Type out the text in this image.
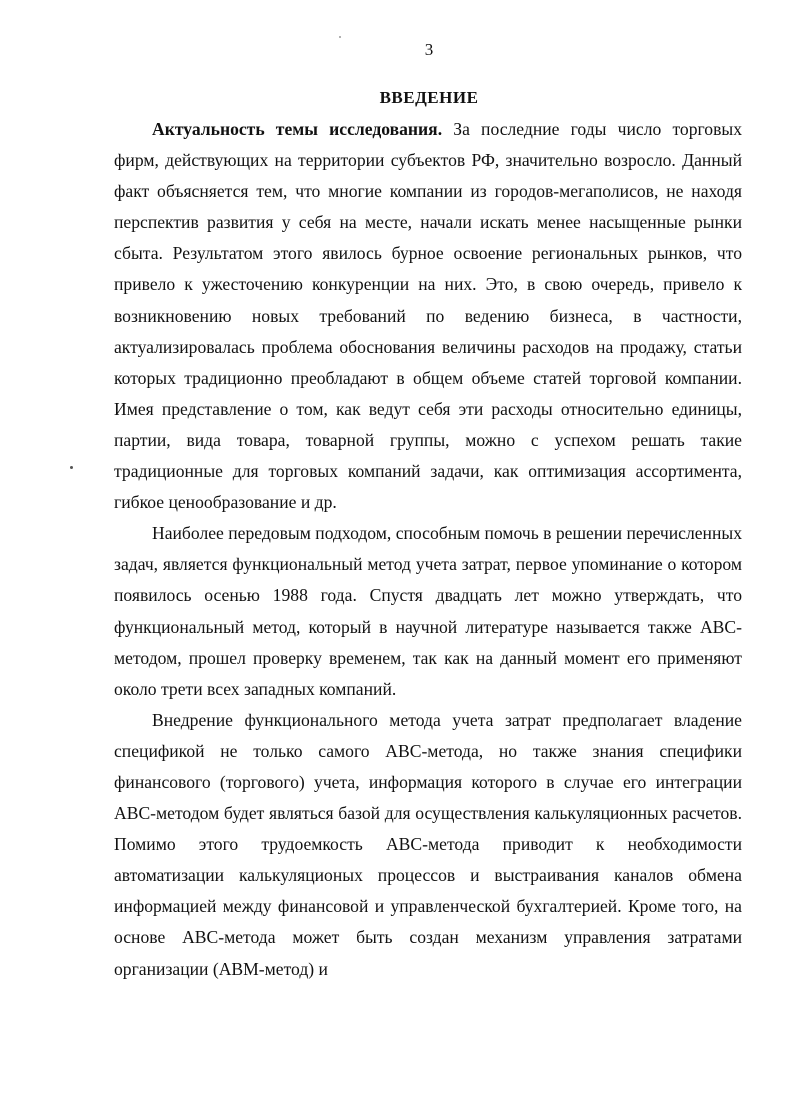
3
ВВЕДЕНИЕ

Актуальность темы исследования. За последние годы число торговых фирм, действующих на территории субъектов РФ, значительно возросло. Данный факт объясняется тем, что многие компании из городов-мегаполисов, не находя перспектив развития у себя на месте, начали искать менее насыщенные рынки сбыта. Результатом этого явилось бурное освоение региональных рынков, что привело к ужесточению конкуренции на них. Это, в свою очередь, привело к возникновению новых требований по ведению бизнеса, в частности, актуализировалась проблема обоснования величины расходов на продажу, статьи которых традиционно преобладают в общем объеме статей торговой компании. Имея представление о том, как ведут себя эти расходы относительно единицы, партии, вида товара, товарной группы, можно с успехом решать такие традиционные для торговых компаний задачи, как оптимизация ассортимента, гибкое ценообразование и др.

Наиболее передовым подходом, способным помочь в решении перечисленных задач, является функциональный метод учета затрат, первое упоминание о котором появилось осенью 1988 года. Спустя двадцать лет можно утверждать, что функциональный метод, который в научной литературе называется также АВС-методом, прошел проверку временем, так как на данный момент его применяют около трети всех западных компаний.

Внедрение функционального метода учета затрат предполагает владение спецификой не только самого АВС-метода, но также знания специфики финансового (торгового) учета, информация которого в случае его интеграции АВС-методом будет являться базой для осуществления калькуляционных расчетов. Помимо этого трудоемкость АВС-метода приводит к необходимости автоматизации калькуляционых процессов и выстраивания каналов обмена информацией между финансовой и управленческой бухгалтерией. Кроме того, на основе АВС-метода может быть создан механизм управления затратами организации (АВМ-метод) и
